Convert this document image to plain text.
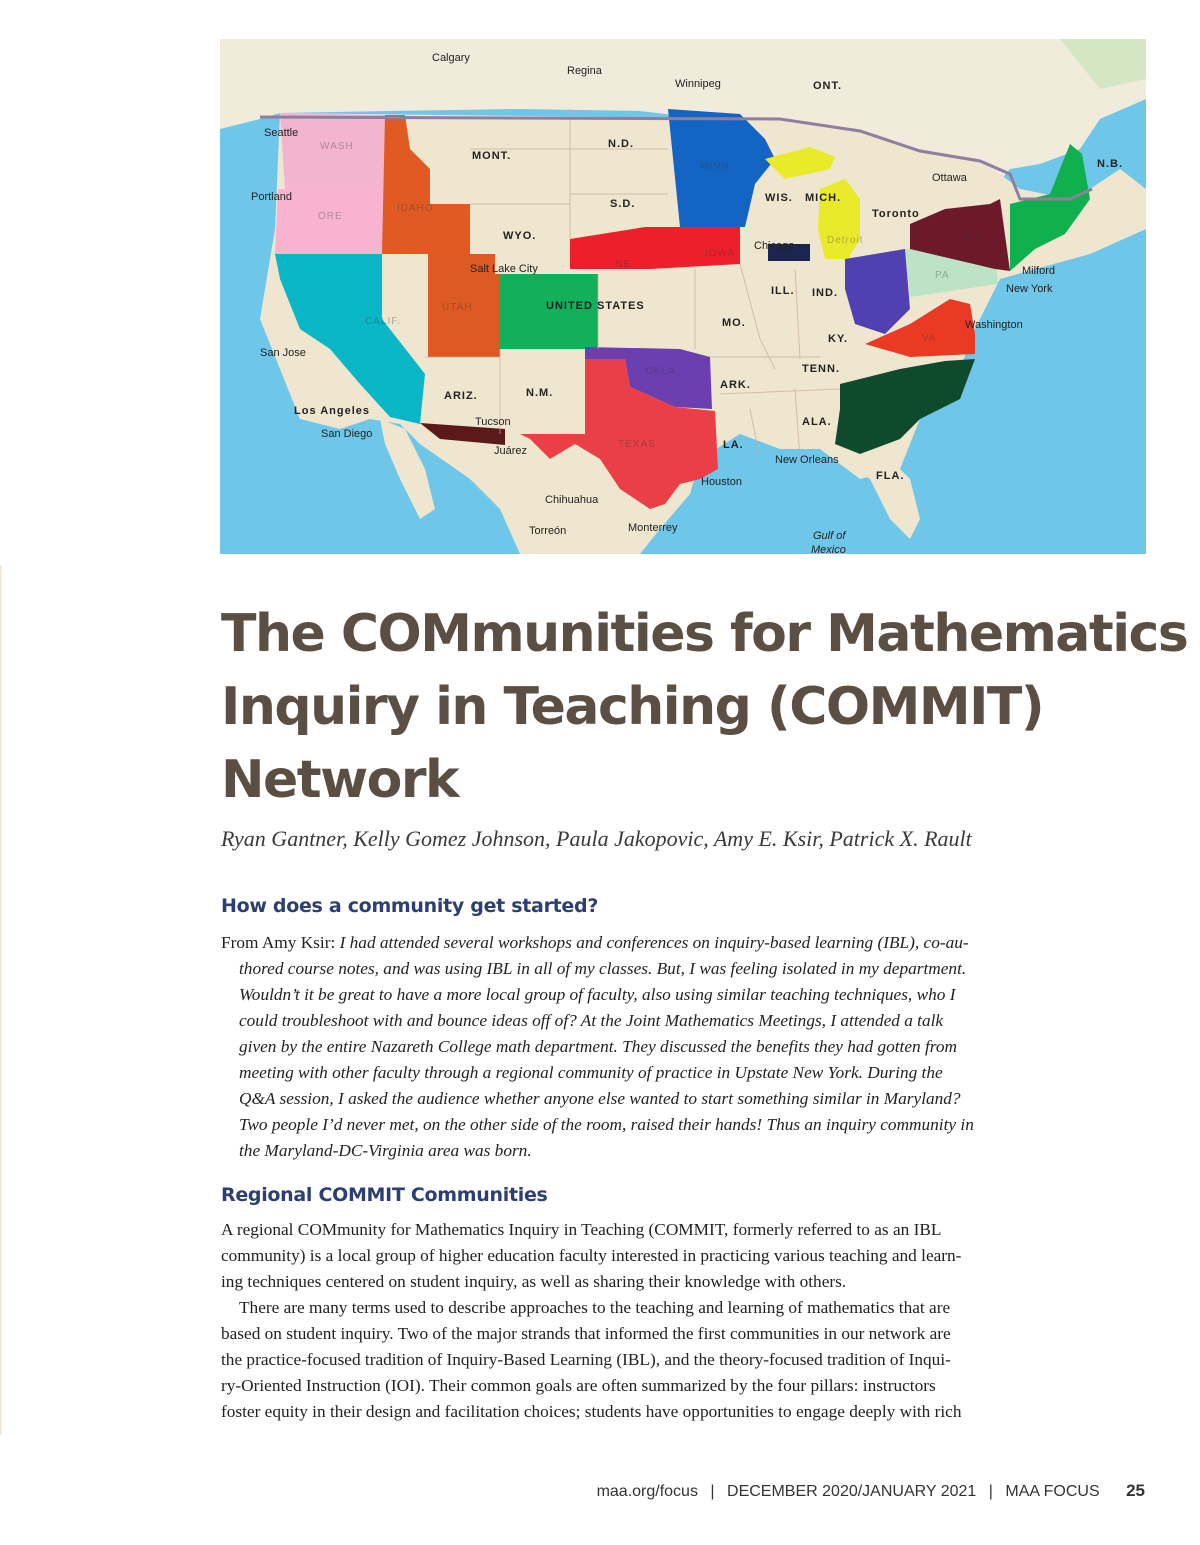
Calgary
Regina
Winnipeg	ONT.
Seattle
WASH
MONT.
N.D.
MINN	N.B.
Portland
ORE
IDAHO	S.D.	WIS. MICH.
Ottawa
Toronto
Detroit	N.Y.
WYO.
NE
IOWA
Chicago
PA	Milford
Salt Lake City
UTAH	UNITED STATES
ILL. IND.	New York
MO.	Washington
San Jose
CALIF.
KY.	VA
OKLA.	TENN.
ARIZ.	N.M.
ARK.
Los Angeles
San Diego
Tucson
TEXAS
ALA.
Juárez	LA.
New Orleans
Houston	FLA.
Chihuahua
Torreón	Monterrey
Gulf of
Mexico
The COMmunities for Mathematics
Inquiry in Teaching (COMMIT)
Network

Ryan Gantner, Kelly Gomez Johnson, Paula Jakopovic, Amy E. Ksir, Patrick X. Rault

How does a community get started?
From Amy Ksir: I had attended several workshops and conferences on inquiry-based learning (IBL), co-au-
thored course notes, and was using IBL in all of my classes. But, I was feeling isolated in my department.
Wouldn’t it be great to have a more local group of faculty, also using similar teaching techniques, who I
could troubleshoot with and bounce ideas off of? At the Joint Mathematics Meetings, I attended a talk
given by the entire Nazareth College math department. They discussed the benefits they had gotten from
meeting with other faculty through a regional community of practice in Upstate New York. During the
Q&A session, I asked the audience whether anyone else wanted to start something similar in Maryland?
Two people I’d never met, on the other side of the room, raised their hands! Thus an inquiry community in
the Maryland-DC-Virginia area was born.
Regional COMMIT Communities
A regional COMmunity for Mathematics Inquiry in Teaching (COMMIT, formerly referred to as an IBL
community) is a local group of higher education faculty interested in practicing various teaching and learn-
ing techniques centered on student inquiry, as well as sharing their knowledge with others.
There are many terms used to describe approaches to the teaching and learning of mathematics that are
based on student inquiry. Two of the major strands that informed the first communities in our network are
the practice-focused tradition of Inquiry-Based Learning (IBL), and the theory-focused tradition of Inqui-
ry-Oriented Instruction (IOI). Their common goals are often summarized by the four pillars: instructors
foster equity in their design and facilitation choices; students have opportunities to engage deeply with rich
maa.org/focus | DECEMBER 2020/JANUARY 2021 | MAA FOCUS 25
